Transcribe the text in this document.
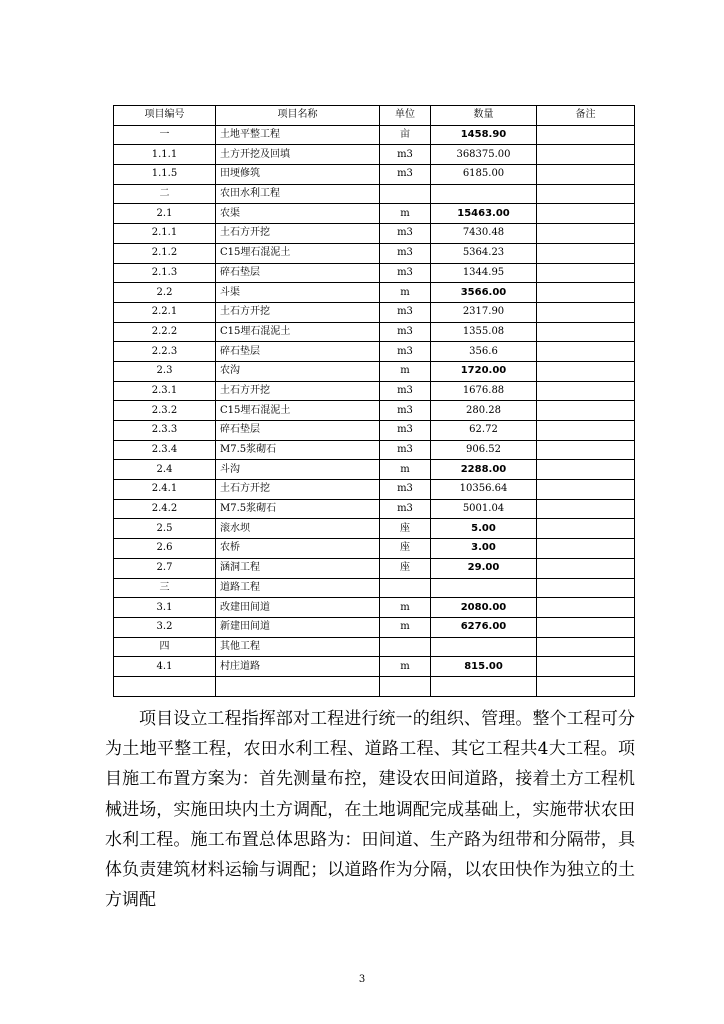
项目编号	项目名称	单位	数量	备注
一	土地平整工程	亩	1458.90	
1.1.1	土方开挖及回填	m3	368375.00	
1.1.5	田埂修筑	m3	6185.00	
二	农田水利工程			
2.1	农渠	m	15463.00	
2.1.1	土石方开挖	m3	7430.48	
2.1.2	C15埋石混泥土	m3	5364.23	
2.1.3	碎石垫层	m3	1344.95	
2.2	斗渠	m	3566.00	
2.2.1	土石方开挖	m3	2317.90	
2.2.2	C15埋石混泥土	m3	1355.08	
2.2.3	碎石垫层	m3	356.6	
2.3	农沟	m	1720.00	
2.3.1	土石方开挖	m3	1676.88	
2.3.2	C15埋石混泥土	m3	280.28	
2.3.3	碎石垫层	m3	62.72	
2.3.4	M7.5浆砌石	m3	906.52	
2.4	斗沟	m	2288.00	
2.4.1	土石方开挖	m3	10356.64	
2.4.2	M7.5浆砌石	m3	5001.04	
2.5	滚水坝	座	5.00	
2.6	农桥	座	3.00	
2.7	涵洞工程	座	29.00	
三	道路工程			
3.1	改建田间道	m	2080.00	
3.2	新建田间道	m	6276.00	
四	其他工程			
4.1	村庄道路	m	815.00	

项目设立工程指挥部对工程进行统一的组织、管理。整个工程可分为土地平整工程，农田水利工程、道路工程、其它工程共4大工程。项目施工布置方案为：首先测量布控，建设农田间道路，接着土方工程机械进场，实施田块内土方调配，在土地调配完成基础上，实施带状农田水利工程。施工布置总体思路为：田间道、生产路为纽带和分隔带，具体负责建筑材料运输与调配；以道路作为分隔，以农田快作为独立的土方调配

3
